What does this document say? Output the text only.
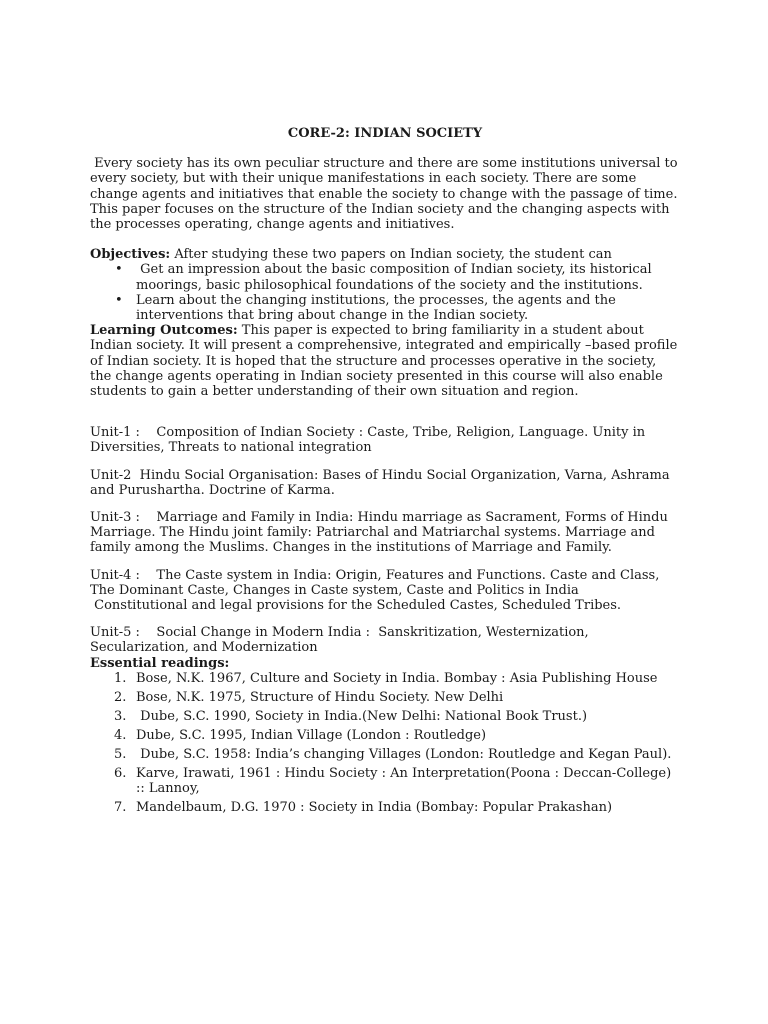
CORE-2: INDIAN SOCIETY

Every society has its own peculiar structure and there are some institutions universal to every society, but with their unique manifestations in each society. There are some change agents and initiatives that enable the society to change with the passage of time. This paper focuses on the structure of the Indian society and the changing aspects with the processes operating, change agents and initiatives.

Objectives: After studying these two papers on Indian society, the student can

•  Get an impression about the basic composition of Indian society, its historical moorings, basic philosophical foundations of the society and the institutions.
• Learn about the changing institutions, the processes, the agents and the interventions that bring about change in the Indian society.

Learning Outcomes: This paper is expected to bring familiarity in a student about Indian society. It will present a comprehensive, integrated and empirically –based profile of Indian society. It is hoped that the structure and processes operative in the society, the change agents operating in Indian society presented in this course will also enable students to gain a better understanding of their own situation and region.

Unit-1 :    Composition of Indian Society : Caste, Tribe, Religion, Language. Unity in Diversities, Threats to national integration

Unit-2  Hindu Social Organisation: Bases of Hindu Social Organization, Varna, Ashrama and Purushartha. Doctrine of Karma.

Unit-3 :    Marriage and Family in India: Hindu marriage as Sacrament, Forms of Hindu Marriage. The Hindu joint family: Patriarchal and Matriarchal systems. Marriage and family among the Muslims. Changes in the institutions of Marriage and Family.

Unit-4 :    The Caste system in India: Origin, Features and Functions. Caste and Class, The Dominant Caste, Changes in Caste system, Caste and Politics in India
Constitutional and legal provisions for the Scheduled Castes, Scheduled Tribes.

Unit-5 :    Social Change in Modern India :  Sanskritization, Westernization, Secularization, and Modernization

Essential readings:
1. Bose, N.K. 1967, Culture and Society in India. Bombay : Asia Publishing House
2. Bose, N.K. 1975, Structure of Hindu Society. New Delhi
3. Dube, S.C. 1990, Society in India.(New Delhi: National Book Trust.)
4. Dube, S.C. 1995, Indian Village (London : Routledge)
5. Dube, S.C. 1958: India’s changing Villages (London: Routledge and Kegan Paul).
6. Karve, Irawati, 1961 : Hindu Society : An Interpretation(Poona : Deccan-College) :: Lannoy,
7. Mandelbaum, D.G. 1970 : Society in India (Bombay: Popular Prakashan)
